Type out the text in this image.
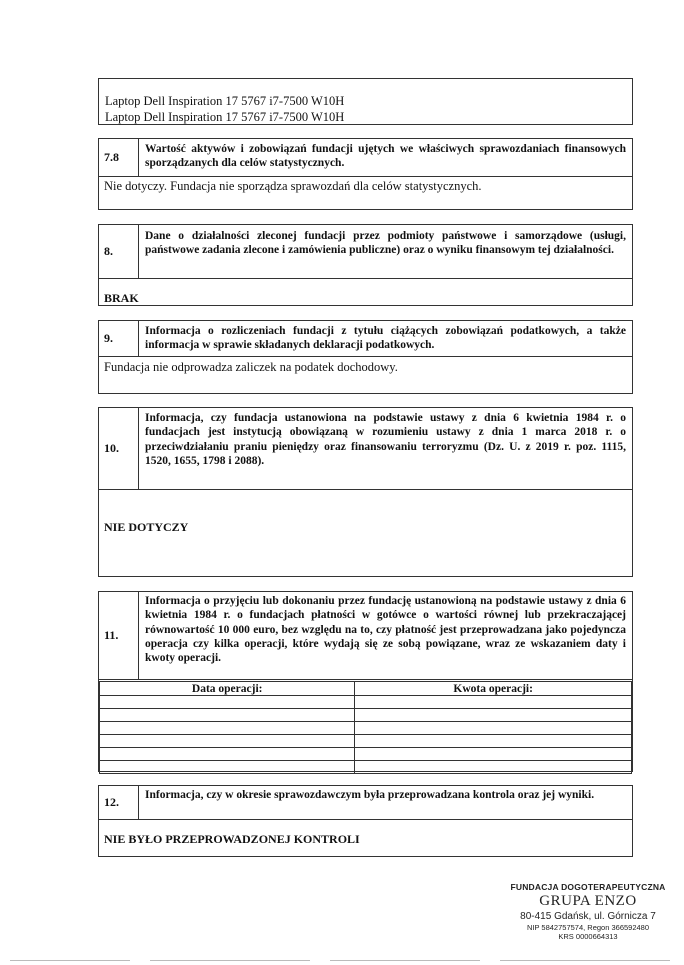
Laptop Dell Inspiration 17 5767 i7-7500 W10H
Laptop Dell Inspiration 17 5767 i7-7500 W10H
7.8
Wartość aktywów i zobowiązań fundacji ujętych we właściwych sprawozdaniach finansowych sporządzanych dla celów statystycznych.
Nie dotyczy. Fundacja nie sporządza sprawozdań dla celów statystycznych.
8.
Dane o działalności zleconej fundacji przez podmioty państwowe i samorządowe (usługi, państwowe zadania zlecone i zamówienia publiczne) oraz o wyniku finansowym tej działalności.
BRAK
9.	Informacja o rozliczeniach fundacji z tytułu ciążących zobowiązań podatkowych, a także informacja w sprawie składanych deklaracji podatkowych.
Fundacja nie odprowadza zaliczek na podatek dochodowy.
10.
Informacja, czy fundacja ustanowiona na podstawie ustawy z dnia 6 kwietnia 1984 r. o fundacjach jest instytucją obowiązaną w rozumieniu ustawy z dnia 1 marca 2018 r. o przeciwdziałaniu praniu pieniędzy oraz finansowaniu terroryzmu (Dz. U. z 2019 r. poz. 1115, 1520, 1655, 1798 i 2088).
NIE DOTYCZY
11.
Informacja o przyjęciu lub dokonaniu przez fundację ustanowioną na podstawie ustawy z dnia 6 kwietnia 1984 r. o fundacjach płatności w gotówce o wartości równej lub przekraczającej równowartość 10 000 euro, bez względu na to, czy płatność jest przeprowadzana jako pojedyncza operacja czy kilka operacji, które wydają się ze sobą powiązane, wraz ze wskazaniem daty i kwoty operacji.
Data operacji:	Kwota operacji:

12.	Informacja, czy w okresie sprawozdawczym była przeprowadzana kontrola oraz jej wyniki.
NIE BYŁO PRZEPROWADZONEJ KONTROLI
FUNDACJA DOGOTERAPEUTYCZNA
GRUPA ENZO
80-415 Gdańsk, ul. Górnicza 7
NIP 5842757574, Regon 366592480
KRS 0000664313
